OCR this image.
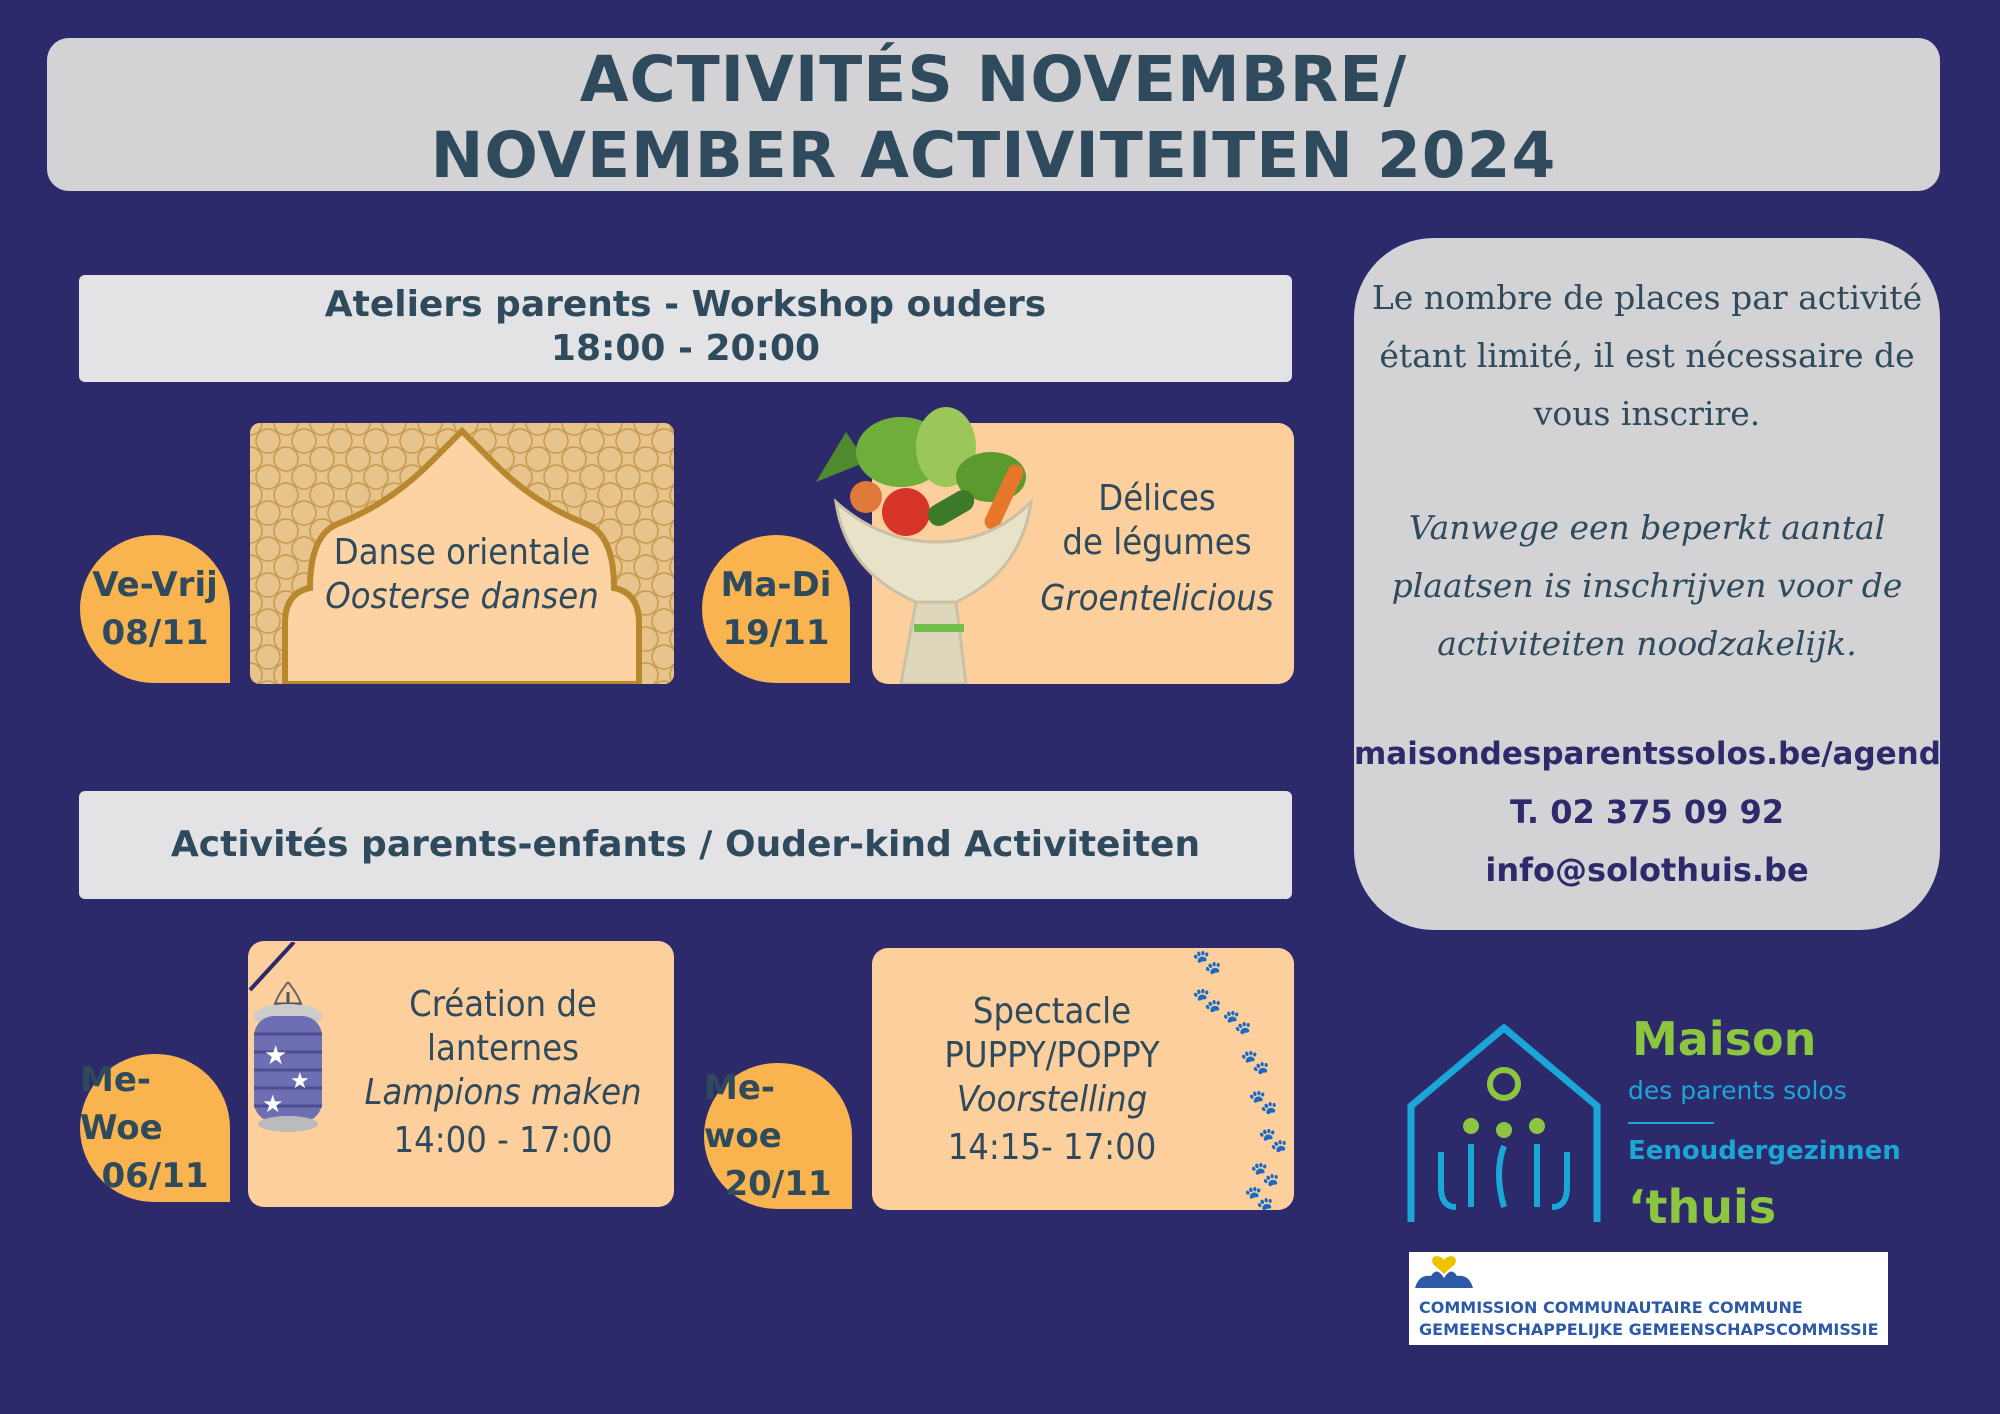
ACTIVITÉS NOVEMBRE/
NOVEMBER ACTIVITEITEN 2024
Ateliers parents - Workshop ouders
18:00 - 20:00
Ve-Vrij
08/11
Danse orientale
Oosterse dansen	Ma-Di
19/11
Délices
de légumes
Groentelicious
Activités parents-enfants / Ouder-kind Activiteiten
Me-Woe
06/11
Création de
lanternes
Lampions maken
14:00 - 17:00
★
★
★	Me-woe
20/11
Spectacle
PUPPY/POPPY
Voorstelling
14:15- 17:00
🐾
🐾
🐾
🐾
🐾
🐾
🐾
🐾
Le nombre de places par activité
étant limité, il est nécessaire de
vous inscrire.
Vanwege een beperkt aantal
plaatsen is inschrijven voor de
activiteiten noodzakelijk.
maisondesparentssolos.be/agenda
T. 02 375 09 92
info@solothuis.be
Maison
des parents solos
Eenoudergezinnen
‘thuis
COMMISSION COMMUNAUTAIRE COMMUNE
GEMEENSCHAPPELIJKE GEMEENSCHAPSCOMMISSIE
